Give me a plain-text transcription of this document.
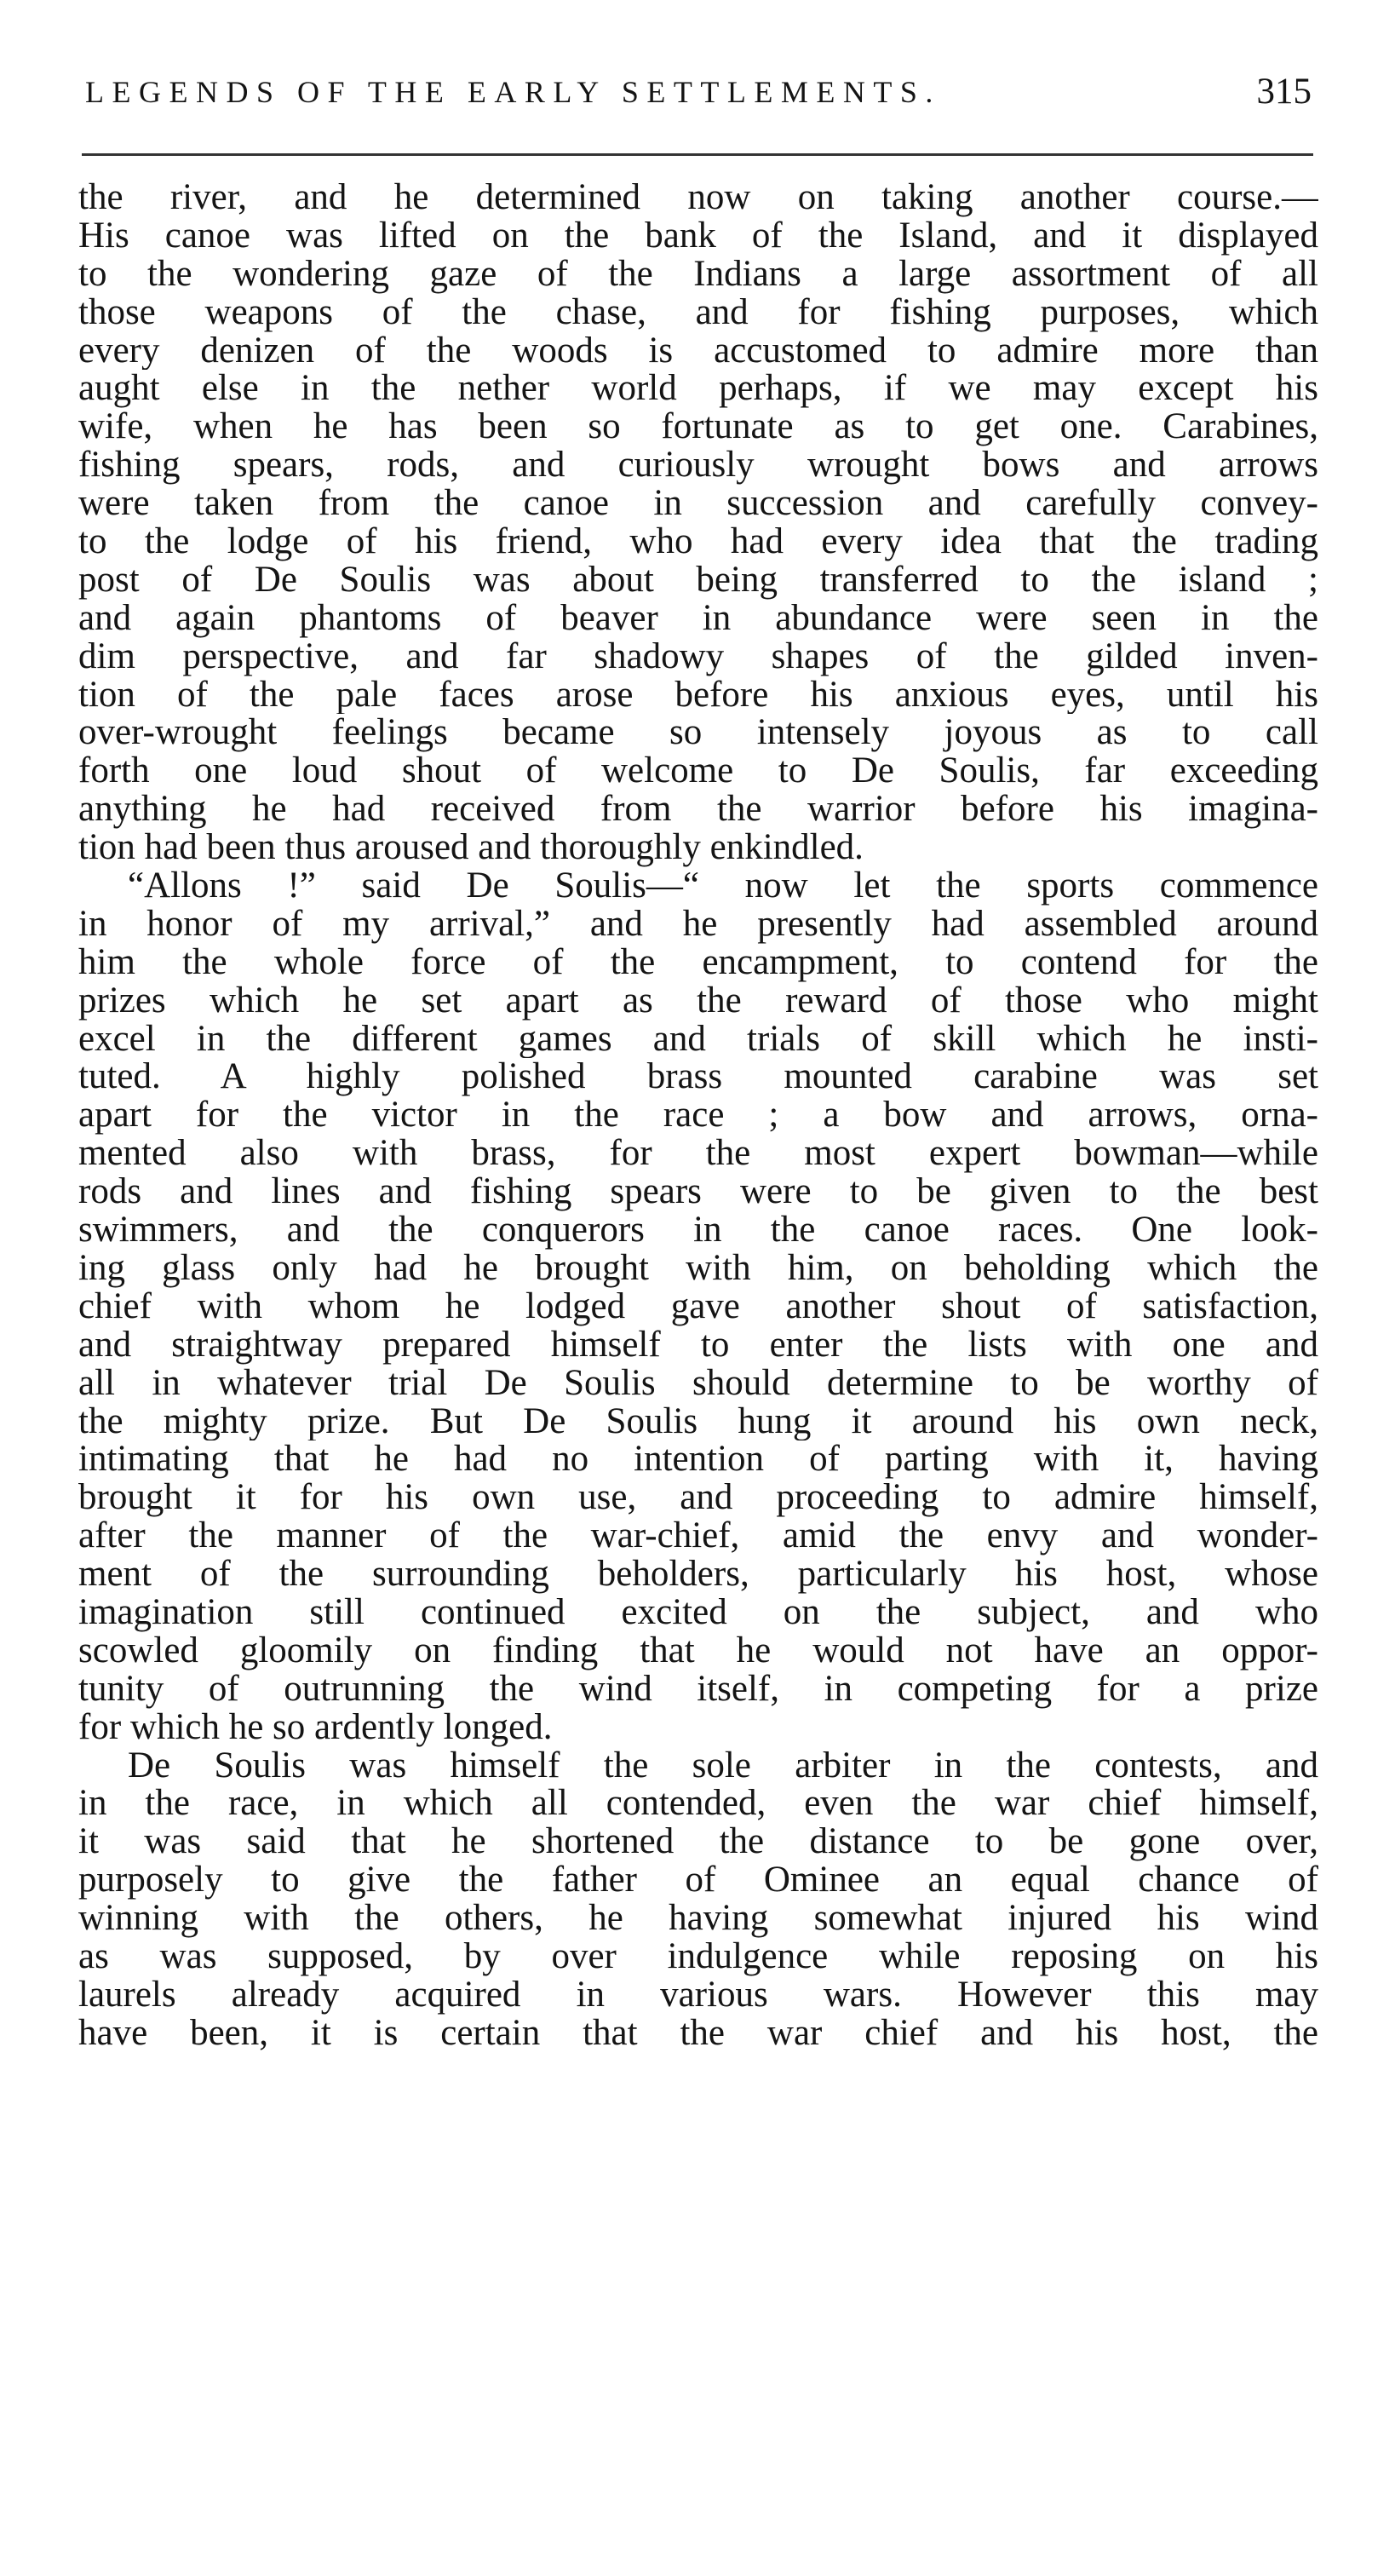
LEGENDS OF THE EARLY SETTLEMENTS.	315
the river, and he determined now on taking another course.—
His canoe was lifted on the bank of the Island, and it displayed
to the wondering gaze of the Indians a large assortment of all
those weapons of the chase, and for fishing purposes, which
every denizen of the woods is accustomed to admire more than
aught else in the nether world perhaps, if we may except his
wife, when he has been so fortunate as to get one. Carabines,
fishing spears, rods, and curiously wrought bows and arrows
were taken from the canoe in succession and carefully convey-
to the lodge of his friend, who had every idea that the trading
post of De Soulis was about being transferred to the island ;
and again phantoms of beaver in abundance were seen in the
dim perspective, and far shadowy shapes of the gilded inven-
tion of the pale faces arose before his anxious eyes, until his
over-wrought feelings became so intensely joyous as to call
forth one loud shout of welcome to De Soulis, far exceeding
anything he had received from the warrior before his imagina-
tion had been thus aroused and thoroughly enkindled.
“Allons !” said De Soulis—“ now let the sports commence
in honor of my arrival,” and he presently had assembled around
him the whole force of the encampment, to contend for the
prizes which he set apart as the reward of those who might
excel in the different games and trials of skill which he insti-
tuted. A highly polished brass mounted carabine was set
apart for the victor in the race ; a bow and arrows, orna-
mented also with brass, for the most expert bowman—while
rods and lines and fishing spears were to be given to the best
swimmers, and the conquerors in the canoe races. One look-
ing glass only had he brought with him, on beholding which the
chief with whom he lodged gave another shout of satisfaction,
and straightway prepared himself to enter the lists with one and
all in whatever trial De Soulis should determine to be worthy of
the mighty prize. But De Soulis hung it around his own neck,
intimating that he had no intention of parting with it, having
brought it for his own use, and proceeding to admire himself,
after the manner of the war-chief, amid the envy and wonder-
ment of the surrounding beholders, particularly his host, whose
imagination still continued excited on the subject, and who
scowled gloomily on finding that he would not have an oppor-
tunity of outrunning the wind itself, in competing for a prize
for which he so ardently longed.
De Soulis was himself the sole arbiter in the contests, and
in the race, in which all contended, even the war chief himself,
it was said that he shortened the distance to be gone over,
purposely to give the father of Ominee an equal chance of
winning with the others, he having somewhat injured his wind
as was supposed, by over indulgence while reposing on his
laurels already acquired in various wars. However this may
have been, it is certain that the war chief and his host, the
